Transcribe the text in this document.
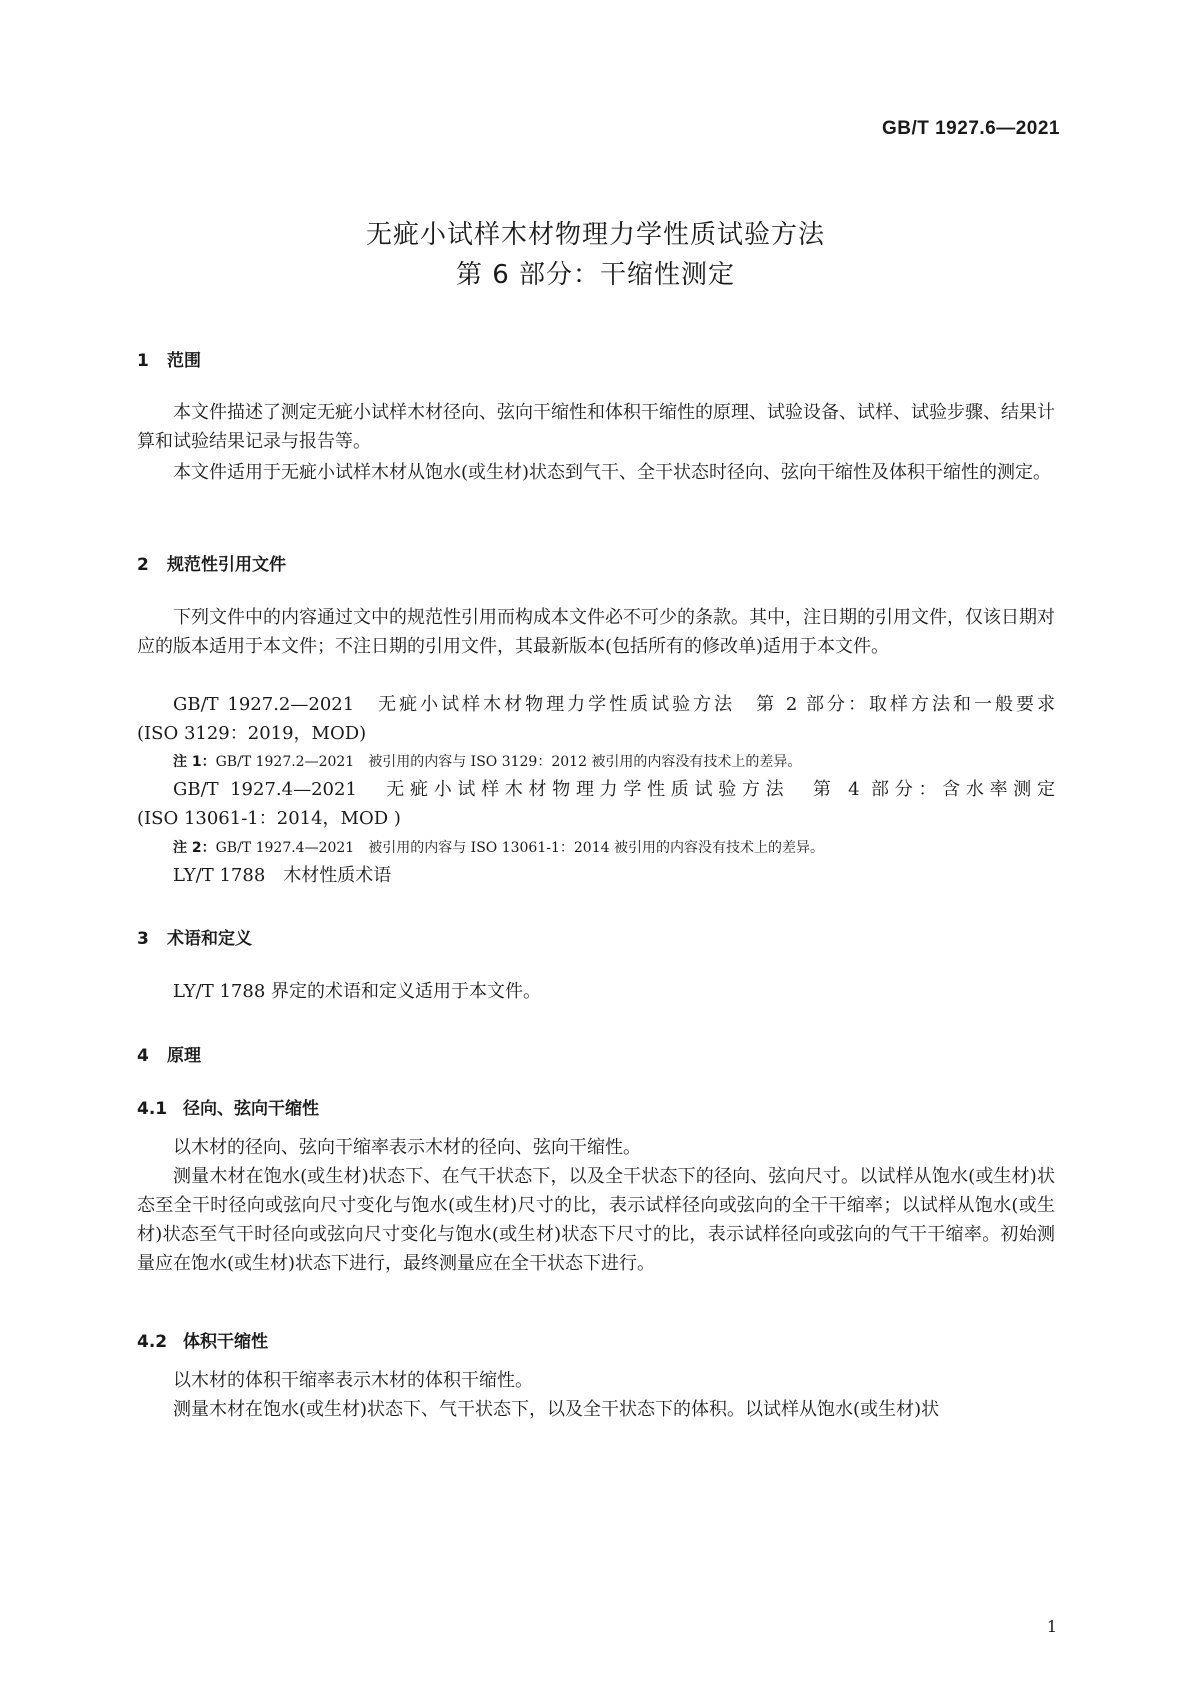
GB/T 1927.6—2021
无疵小试样木材物理力学性质试验方法
第 6 部分：干缩性测定
1 范围

本文件描述了测定无疵小试样木材径向、弦向干缩性和体积干缩性的原理、试验设备、试样、试验步骤、结果计算和试验结果记录与报告等。

本文件适用于无疵小试样木材从饱水(或生材)状态到气干、全干状态时径向、弦向干缩性及体积干缩性的测定。

2 规范性引用文件

下列文件中的内容通过文中的规范性引用而构成本文件必不可少的条款。其中，注日期的引用文件，仅该日期对应的版本适用于本文件；不注日期的引用文件，其最新版本(包括所有的修改单)适用于本文件。

GB/T 1927.2—2021　无疵小试样木材物理力学性质试验方法　第 2 部分：取样方法和一般要求
(ISO 3129：2019，MOD)
注 1：GB/T 1927.2—2021　被引用的内容与 ISO 3129：2012 被引用的内容没有技术上的差异。
GB/T 1927.4—2021　无疵小试样木材物理力学性质试验方法　第 4 部分：含水率测定
(ISO 13061-1：2014，MOD )
注 2：GB/T 1927.4—2021　被引用的内容与 ISO 13061-1：2014 被引用的内容没有技术上的差异。
LY/T 1788　木材性质术语
3 术语和定义

LY/T 1788 界定的术语和定义适用于本文件。

4 原理
4.1 径向、弦向干缩性

以木材的径向、弦向干缩率表示木材的径向、弦向干缩性。

测量木材在饱水(或生材)状态下、在气干状态下，以及全干状态下的径向、弦向尺寸。以试样从饱水(或生材)状态至全干时径向或弦向尺寸变化与饱水(或生材)尺寸的比，表示试样径向或弦向的全干干缩率；以试样从饱水(或生材)状态至气干时径向或弦向尺寸变化与饱水(或生材)状态下尺寸的比，表示试样径向或弦向的气干干缩率。初始测量应在饱水(或生材)状态下进行，最终测量应在全干状态下进行。

4.2 体积干缩性

以木材的体积干缩率表示木材的体积干缩性。

测量木材在饱水(或生材)状态下、气干状态下，以及全干状态下的体积。以试样从饱水(或生材)状

1
